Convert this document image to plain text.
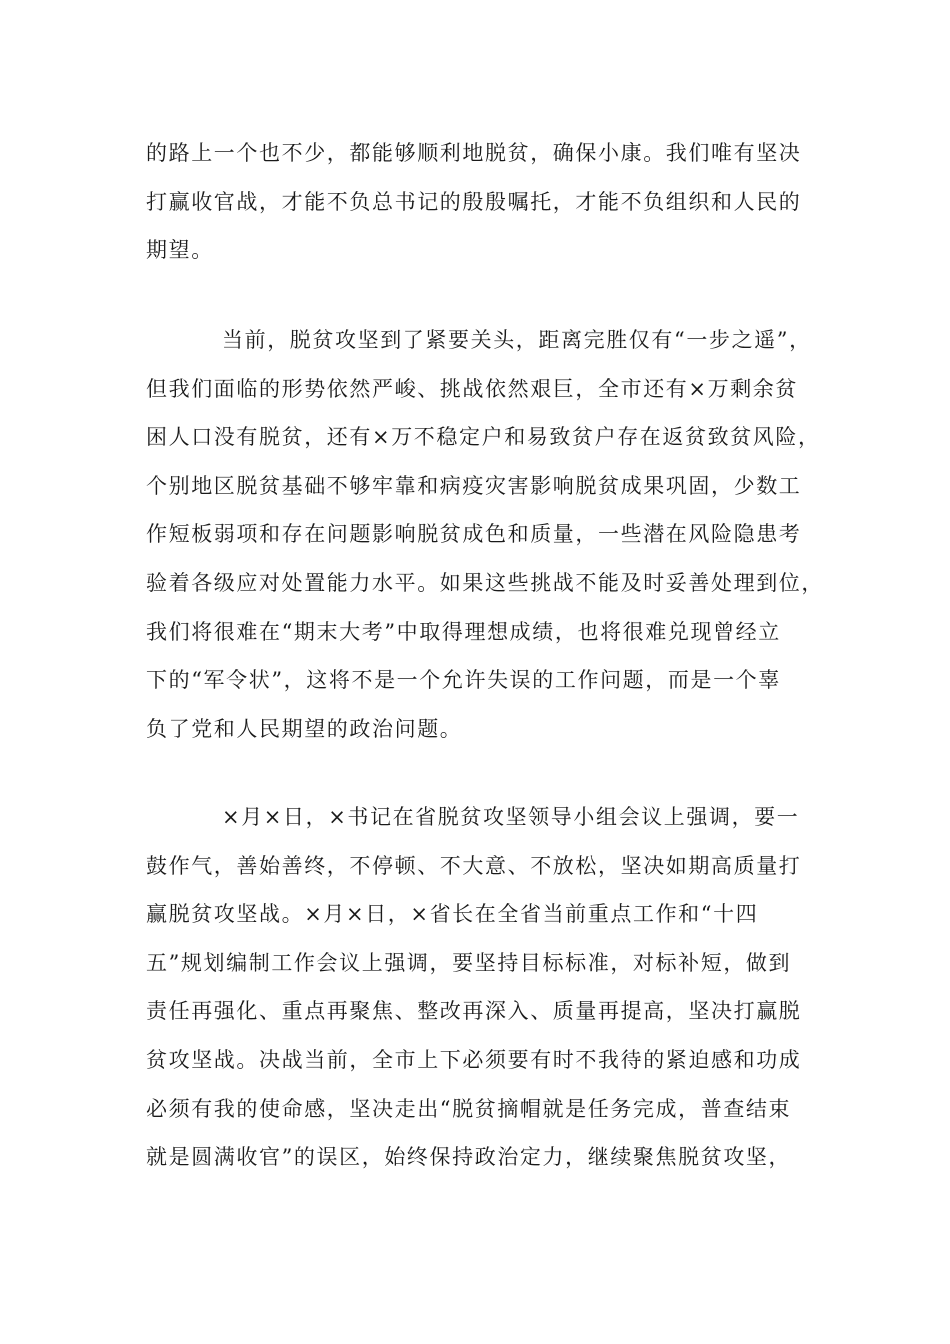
的路上一个也不少，都能够顺利地脱贫，确保小康。我们唯有坚决
打赢收官战，才能不负总书记的殷殷嘱托，才能不负组织和人民的
期望。
当前，脱贫攻坚到了紧要关头，距离完胜仅有“一步之遥”，
但我们面临的形势依然严峻、挑战依然艰巨，全市还有×万剩余贫
困人口没有脱贫，还有×万不稳定户和易致贫户存在返贫致贫风险，
个别地区脱贫基础不够牢靠和病疫灾害影响脱贫成果巩固，少数工
作短板弱项和存在问题影响脱贫成色和质量，一些潜在风险隐患考
验着各级应对处置能力水平。如果这些挑战不能及时妥善处理到位，
我们将很难在“期末大考”中取得理想成绩，也将很难兑现曾经立
下的“军令状”，这将不是一个允许失误的工作问题，而是一个辜
负了党和人民期望的政治问题。
×月×日，×书记在省脱贫攻坚领导小组会议上强调，要一
鼓作气，善始善终，不停顿、不大意、不放松，坚决如期高质量打
赢脱贫攻坚战。×月×日，×省长在全省当前重点工作和“十四
五”规划编制工作会议上强调，要坚持目标标准，对标补短，做到
责任再强化、重点再聚焦、整改再深入、质量再提高，坚决打赢脱
贫攻坚战。决战当前，全市上下必须要有时不我待的紧迫感和功成
必须有我的使命感，坚决走出“脱贫摘帽就是任务完成，普查结束
就是圆满收官”的误区，始终保持政治定力，继续聚焦脱贫攻坚，
